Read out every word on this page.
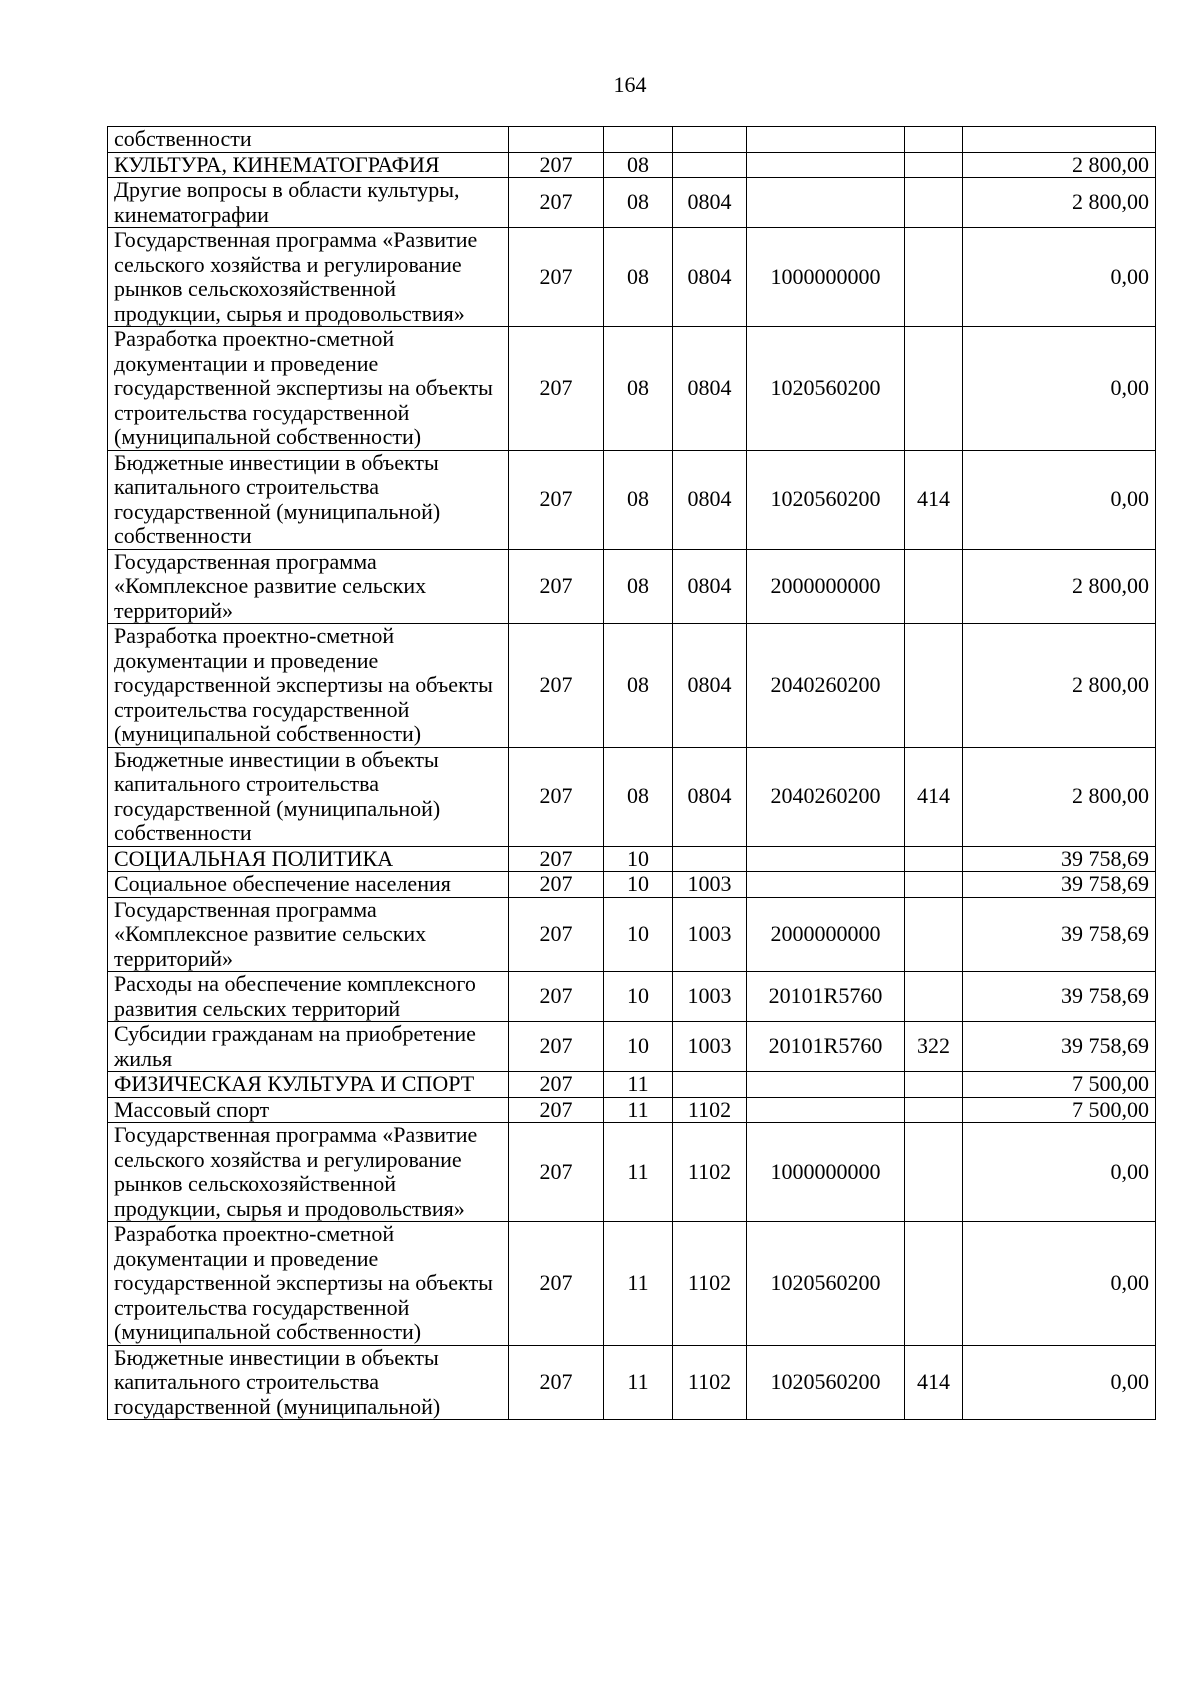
164
собственности						

КУЛЬТУРА, КИНЕМАТОГРАФИЯ	207	08				2 800,00

Другие вопросы в области культуры, кинематографии	207	08	0804			2 800,00

Государственная программа «Развитие сельского хозяйства и регулирование рынков сельскохозяйственной продукции, сырья и продовольствия»	207	08	0804	1000000000		0,00

Разработка проектно-сметной документации и проведение государственной экспертизы на объекты строительства государственной (муниципальной собственности)	207	08	0804	1020560200		0,00

Бюджетные инвестиции в объекты капитального строительства государственной (муниципальной) собственности	207	08	0804	1020560200	414	0,00

Государственная программа «Комплексное развитие сельских территорий»	207	08	0804	2000000000		2 800,00

Разработка проектно-сметной документации и проведение государственной экспертизы на объекты строительства государственной (муниципальной собственности)	207	08	0804	2040260200		2 800,00

Бюджетные инвестиции в объекты капитального строительства государственной (муниципальной) собственности	207	08	0804	2040260200	414	2 800,00

СОЦИАЛЬНАЯ ПОЛИТИКА	207	10				39 758,69

Социальное обеспечение населения	207	10	1003			39 758,69

Государственная программа «Комплексное развитие сельских территорий»	207	10	1003	2000000000		39 758,69

Расходы на обеспечение комплексного развития сельских территорий	207	10	1003	20101R5760		39 758,69

Субсидии гражданам на приобретение жилья	207	10	1003	20101R5760	322	39 758,69

ФИЗИЧЕСКАЯ КУЛЬТУРА И СПОРТ	207	11				7 500,00

Массовый спорт	207	11	1102			7 500,00

Государственная программа «Развитие сельского хозяйства и регулирование рынков сельскохозяйственной продукции, сырья и продовольствия»	207	11	1102	1000000000		0,00

Разработка проектно-сметной документации и проведение государственной экспертизы на объекты строительства государственной (муниципальной собственности)	207	11	1102	1020560200		0,00

Бюджетные инвестиции в объекты капитального строительства государственной (муниципальной)	207	11	1102	1020560200	414	0,00
